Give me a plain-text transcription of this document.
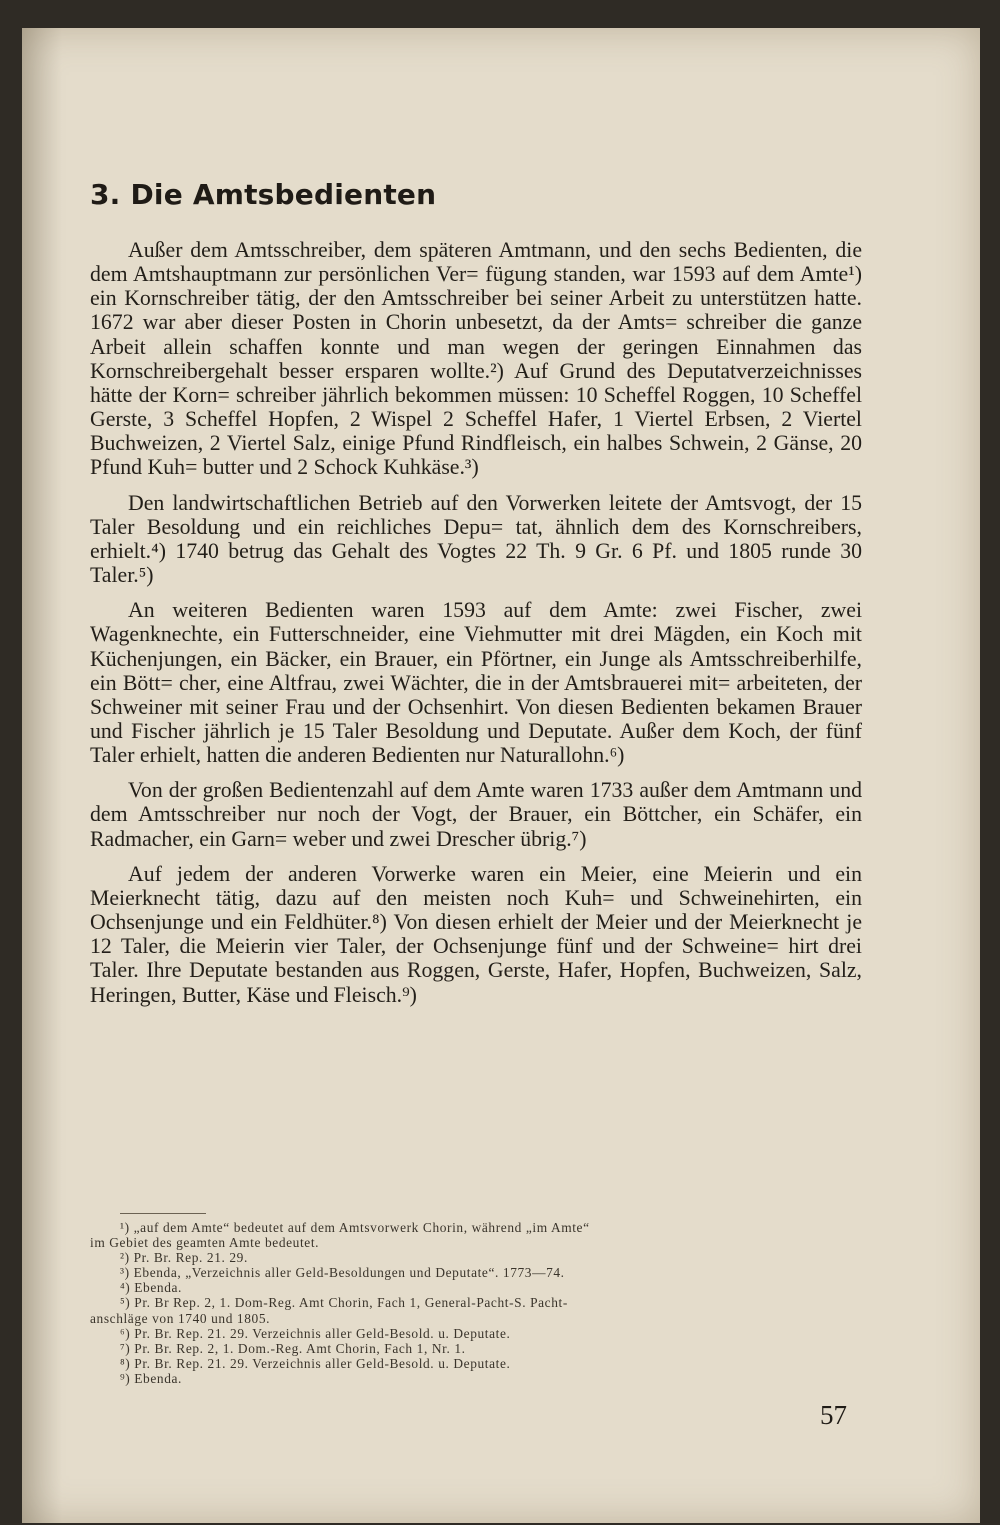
3. Die Amtsbedienten

Außer dem Amtsschreiber, dem späteren Amtmann, und den sechs Bedienten, die dem Amtshauptmann zur persönlichen Ver= fügung standen, war 1593 auf dem Amte¹) ein Kornschreiber tätig, der den Amtsschreiber bei seiner Arbeit zu unterstützen hatte. 1672 war aber dieser Posten in Chorin unbesetzt, da der Amts= schreiber die ganze Arbeit allein schaffen konnte und man wegen der geringen Einnahmen das Kornschreibergehalt besser ersparen wollte.²) Auf Grund des Deputatverzeichnisses hätte der Korn= schreiber jährlich bekommen müssen: 10 Scheffel Roggen, 10 Scheffel Gerste, 3 Scheffel Hopfen, 2 Wispel 2 Scheffel Hafer, 1 Viertel Erbsen, 2 Viertel Buchweizen, 2 Viertel Salz, einige Pfund Rindfleisch, ein halbes Schwein, 2 Gänse, 20 Pfund Kuh= butter und 2 Schock Kuhkäse.³)

Den landwirtschaftlichen Betrieb auf den Vorwerken leitete der Amtsvogt, der 15 Taler Besoldung und ein reichliches Depu= tat, ähnlich dem des Kornschreibers, erhielt.⁴) 1740 betrug das Gehalt des Vogtes 22 Th. 9 Gr. 6 Pf. und 1805 runde 30 Taler.⁵)

An weiteren Bedienten waren 1593 auf dem Amte: zwei Fischer, zwei Wagenknechte, ein Futterschneider, eine Viehmutter mit drei Mägden, ein Koch mit Küchenjungen, ein Bäcker, ein Brauer, ein Pförtner, ein Junge als Amtsschreiberhilfe, ein Bött= cher, eine Altfrau, zwei Wächter, die in der Amtsbrauerei mit= arbeiteten, der Schweiner mit seiner Frau und der Ochsenhirt. Von diesen Bedienten bekamen Brauer und Fischer jährlich je 15 Taler Besoldung und Deputate. Außer dem Koch, der fünf Taler erhielt, hatten die anderen Bedienten nur Naturallohn.⁶)

Von der großen Bedientenzahl auf dem Amte waren 1733 außer dem Amtmann und dem Amtsschreiber nur noch der Vogt, der Brauer, ein Böttcher, ein Schäfer, ein Radmacher, ein Garn= weber und zwei Drescher übrig.⁷)

Auf jedem der anderen Vorwerke waren ein Meier, eine Meierin und ein Meierknecht tätig, dazu auf den meisten noch Kuh= und Schweinehirten, ein Ochsenjunge und ein Feldhüter.⁸) Von diesen erhielt der Meier und der Meierknecht je 12 Taler, die Meierin vier Taler, der Ochsenjunge fünf und der Schweine= hirt drei Taler. Ihre Deputate bestanden aus Roggen, Gerste, Hafer, Hopfen, Buchweizen, Salz, Heringen, Butter, Käse und Fleisch.⁹)

¹) „auf dem Amte“ bedeutet auf dem Amtsvorwerk Chorin, während „im Amte“

im Gebiet des geamten Amte bedeutet.

²) Pr. Br. Rep. 21. 29.

³) Ebenda, „Verzeichnis aller Geld-Besoldungen und Deputate“. 1773—74.

⁴) Ebenda.

⁵) Pr. Br Rep. 2, 1. Dom-Reg. Amt Chorin, Fach 1, General-Pacht-S. Pacht-

anschläge von 1740 und 1805.

⁶) Pr. Br. Rep. 21. 29. Verzeichnis aller Geld-Besold. u. Deputate.

⁷) Pr. Br. Rep. 2, 1. Dom.-Reg. Amt Chorin, Fach 1, Nr. 1.

⁸) Pr. Br. Rep. 21. 29. Verzeichnis aller Geld-Besold. u. Deputate.

⁹) Ebenda.

57
